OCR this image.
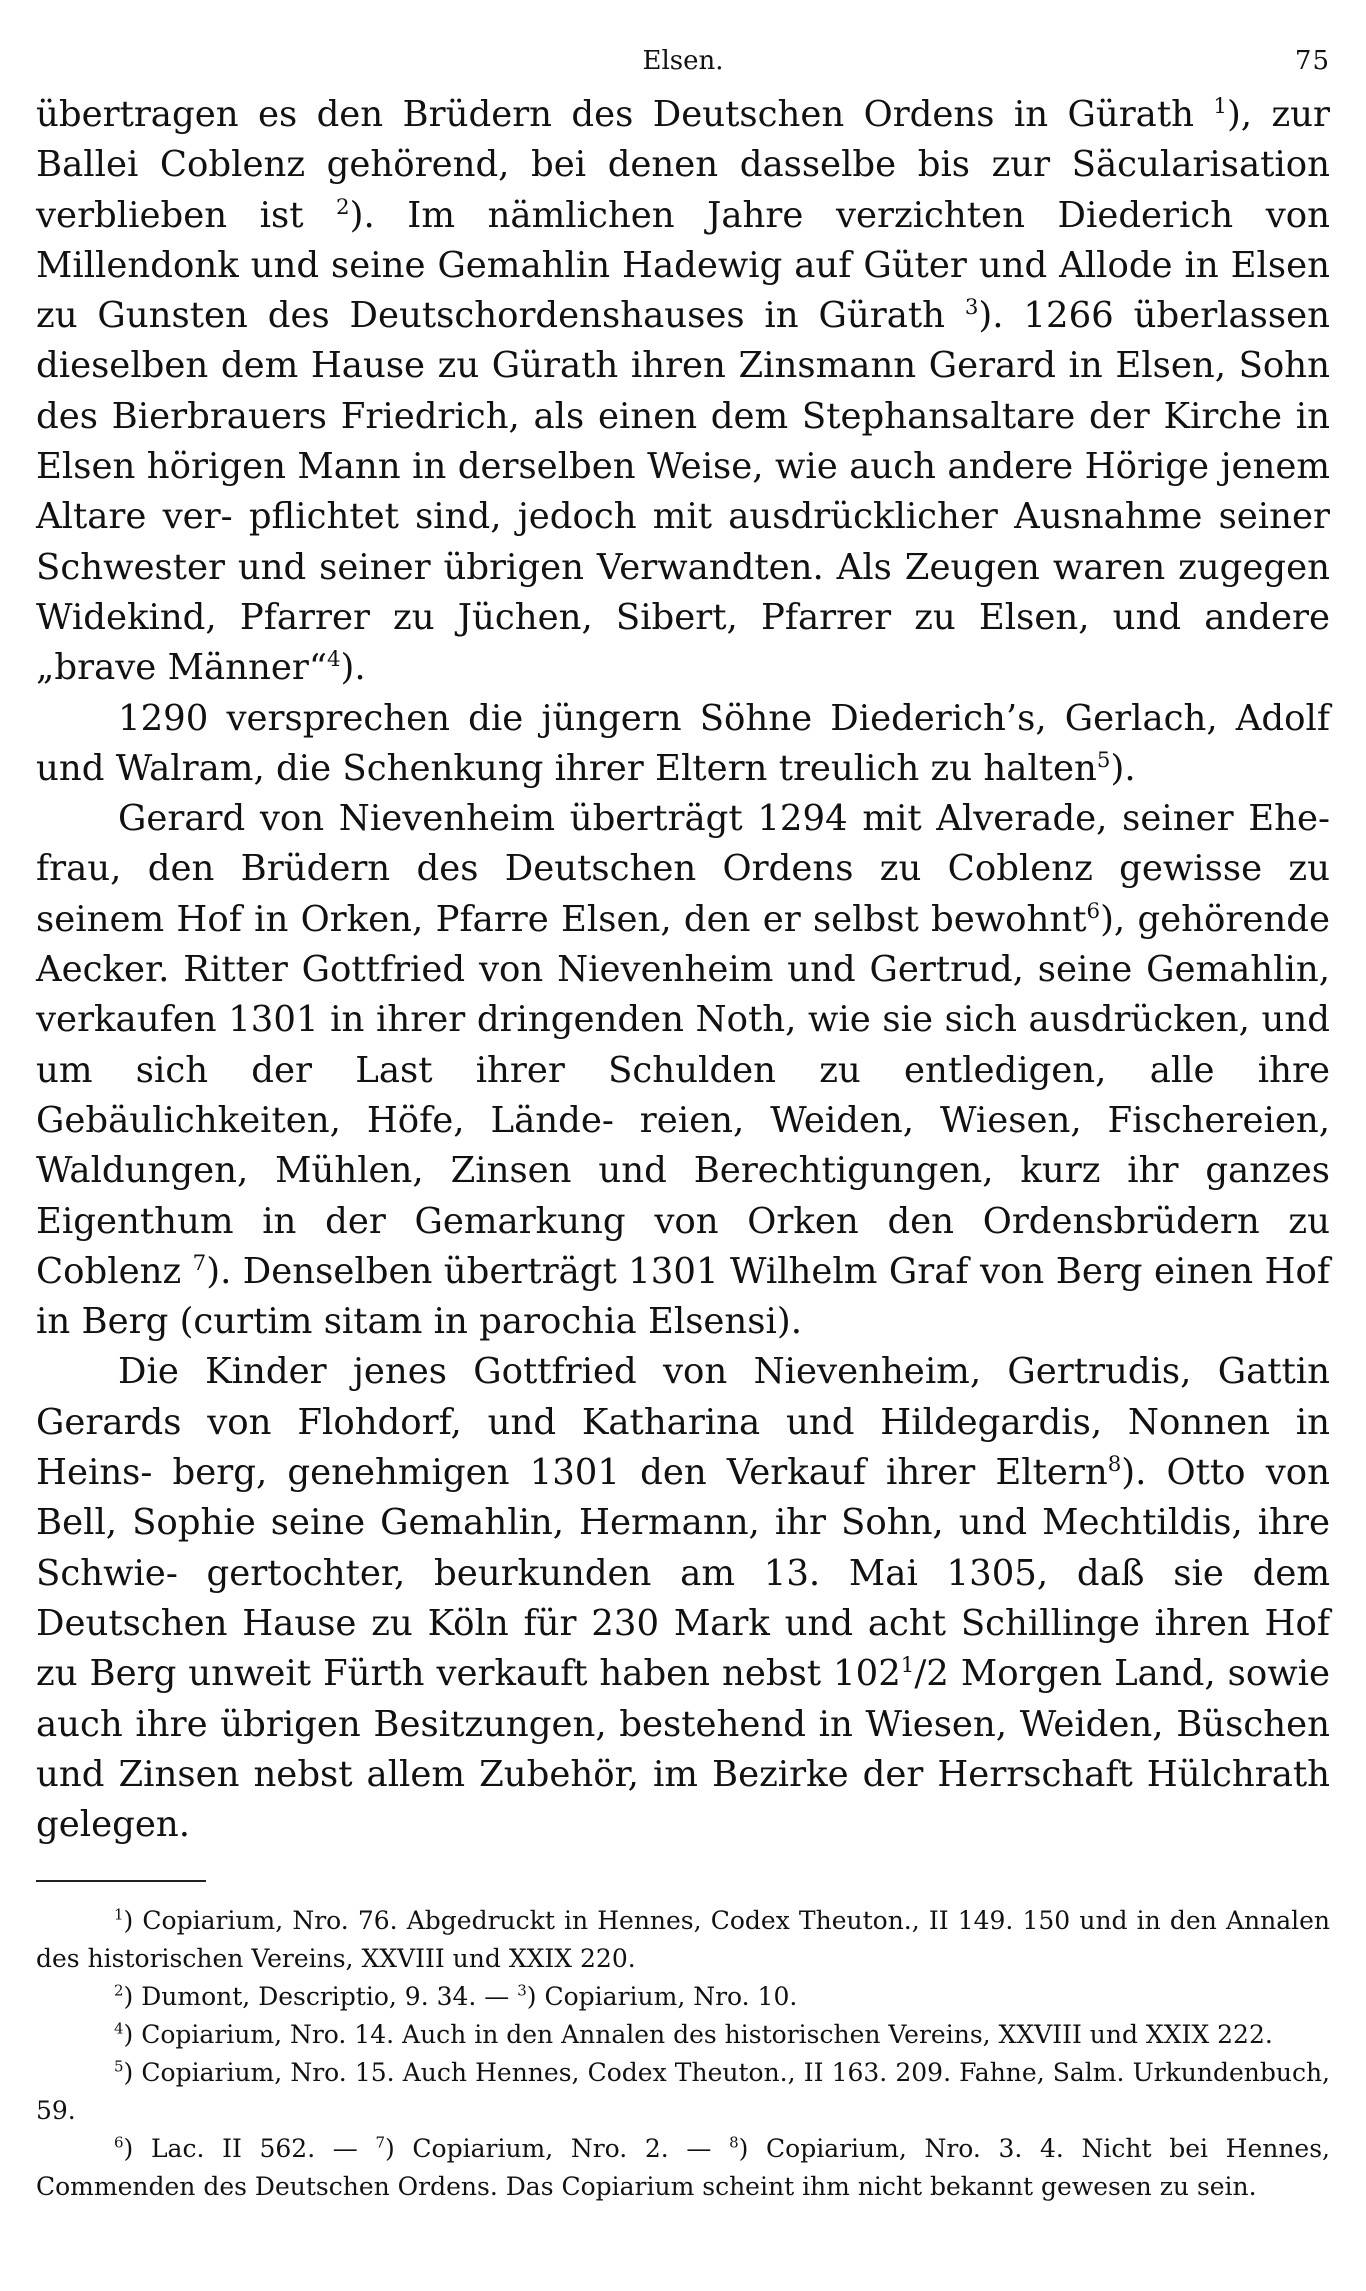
Elsen.	75

übertragen es den Brüdern des Deutschen Ordens in Gürath $^1$), zur Ballei Coblenz gehörend, bei denen dasselbe bis zur Säcularisation verblieben ist $^2$). Im nämlichen Jahre verzichten Diederich von Millendonk und seine Gemahlin Hadewig auf Güter und Allode in Elsen zu Gunsten des Deutschordenshauses in Gürath $^3$). 1266 überlassen dieselben dem Hause zu Gürath ihren Zinsmann Gerard in Elsen, Sohn des Bierbrauers Friedrich, als einen dem Stephansaltare der Kirche in Elsen hörigen Mann in derselben Weise, wie auch andere Hörige jenem Altare ver- pflichtet sind, jedoch mit ausdrücklicher Ausnahme seiner Schwester und seiner übrigen Verwandten. Als Zeugen waren zugegen Widekind, Pfarrer zu Jüchen, Sibert, Pfarrer zu Elsen, und andere „brave Männer“$^4$).

1290 versprechen die jüngern Söhne Diederich’s, Gerlach, Adolf und Walram, die Schenkung ihrer Eltern treulich zu halten$^5$).

Gerard von Nievenheim überträgt 1294 mit Alverade, seiner Ehe- frau, den Brüdern des Deutschen Ordens zu Coblenz gewisse zu seinem Hof in Orken, Pfarre Elsen, den er selbst bewohnt$^6$), gehörende Aecker. Ritter Gottfried von Nievenheim und Gertrud, seine Gemahlin, verkaufen 1301 in ihrer dringenden Noth, wie sie sich ausdrücken, und um sich der Last ihrer Schulden zu entledigen, alle ihre Gebäulichkeiten, Höfe, Lände- reien, Weiden, Wiesen, Fischereien, Waldungen, Mühlen, Zinsen und Berechtigungen, kurz ihr ganzes Eigenthum in der Gemarkung von Orken den Ordensbrüdern zu Coblenz $^7$). Denselben überträgt 1301 Wilhelm Graf von Berg einen Hof in Berg (curtim sitam in parochia Elsensi).

Die Kinder jenes Gottfried von Nievenheim, Gertrudis, Gattin Gerards von Flohdorf, und Katharina und Hildegardis, Nonnen in Heins- berg, genehmigen 1301 den Verkauf ihrer Eltern$^8$). Otto von Bell, Sophie seine Gemahlin, Hermann, ihr Sohn, und Mechtildis, ihre Schwie- gertochter, beurkunden am 13. Mai 1305, daß sie dem Deutschen Hause zu Köln für 230 Mark und acht Schillinge ihren Hof zu Berg unweit Fürth verkauft haben nebst $102^1/2$ Morgen Land, sowie auch ihre übrigen Besitzungen, bestehend in Wiesen, Weiden, Büschen und Zinsen nebst allem Zubehör, im Bezirke der Herrschaft Hülchrath gelegen.

$^1$) Copiarium, Nro. 76. Abgedruckt in Hennes, Codex Theuton., II 149. 150 und in den Annalen des historischen Vereins, XXVIII und XXIX 220.

$^2$) Dumont, Descriptio, 9. 34. — $^3$) Copiarium, Nro. 10.

$^4$) Copiarium, Nro. 14. Auch in den Annalen des historischen Vereins, XXVIII und XXIX 222.

$^5$) Copiarium, Nro. 15. Auch Hennes, Codex Theuton., II 163. 209. Fahne, Salm. Urkundenbuch, 59.

$^6$) Lac. II 562. — $^7$) Copiarium, Nro. 2. — $^8$) Copiarium, Nro. 3. 4. Nicht bei Hennes, Commenden des Deutschen Ordens. Das Copiarium scheint ihm nicht bekannt gewesen zu sein.
